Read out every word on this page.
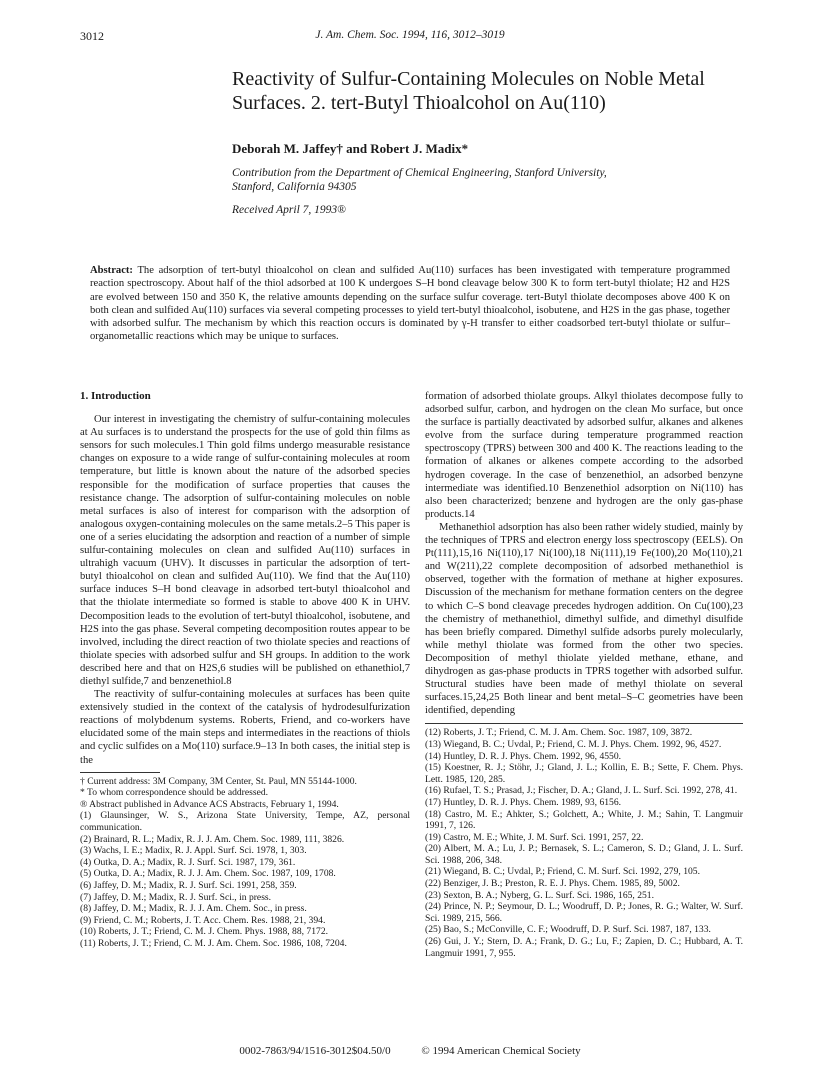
3012	J. Am. Chem. Soc. 1994, 116, 3012–3019
Reactivity of Sulfur-Containing Molecules on Noble Metal
Surfaces. 2. tert-Butyl Thioalcohol on Au(110)
Deborah M. Jaffey† and Robert J. Madix*
Contribution from the Department of Chemical Engineering, Stanford University,
Stanford, California 94305
Received April 7, 1993®
Abstract: The adsorption of tert-butyl thioalcohol on clean and sulfided Au(110) surfaces has been investigated with temperature programmed reaction spectroscopy. About half of the thiol adsorbed at 100 K undergoes S–H bond cleavage below 300 K to form tert-butyl thiolate; H2 and H2S are evolved between 150 and 350 K, the relative amounts depending on the surface sulfur coverage. tert-Butyl thiolate decomposes above 400 K on both clean and sulfided Au(110) surfaces via several competing processes to yield tert-butyl thioalcohol, isobutene, and H2S in the gas phase, together with adsorbed sulfur. The mechanism by which this reaction occurs is dominated by γ-H transfer to either coadsorbed tert-butyl thiolate or sulfur–organometallic reactions which may be unique to surfaces.
1. Introduction

Our interest in investigating the chemistry of sulfur-containing molecules at Au surfaces is to understand the prospects for the use of gold thin films as sensors for such molecules.1 Thin gold films undergo measurable resistance changes on exposure to a wide range of sulfur-containing molecules at room temperature, but little is known about the nature of the adsorbed species responsible for the modification of surface properties that causes the resistance change. The adsorption of sulfur-containing molecules on noble metal surfaces is also of interest for comparison with the adsorption of analogous oxygen-containing molecules on the same metals.2–5 This paper is one of a series elucidating the adsorption and reaction of a number of simple sulfur-containing molecules on clean and sulfided Au(110) surfaces in ultrahigh vacuum (UHV). It discusses in particular the adsorption of tert-butyl thioalcohol on clean and sulfided Au(110). We find that the Au(110) surface induces S–H bond cleavage in adsorbed tert-butyl thioalcohol and that the thiolate intermediate so formed is stable to above 400 K in UHV. Decomposition leads to the evolution of tert-butyl thioalcohol, isobutene, and H2S into the gas phase. Several competing decomposition routes appear to be involved, including the direct reaction of two thiolate species and reactions of thiolate species with adsorbed sulfur and SH groups. In addition to the work described here and that on H2S,6 studies will be published on ethanethiol,7 diethyl sulfide,7 and benzenethiol.8

The reactivity of sulfur-containing molecules at surfaces has been quite extensively studied in the context of the catalysis of hydrodesulfurization reactions of molybdenum systems. Roberts, Friend, and co-workers have elucidated some of the main steps and intermediates in the reactions of thiols and cyclic sulfides on a Mo(110) surface.9–13 In both cases, the initial step is the

† Current address: 3M Company, 3M Center, St. Paul, MN 55144-1000.
* To whom correspondence should be addressed.
® Abstract published in Advance ACS Abstracts, February 1, 1994.
(1) Glaunsinger, W. S., Arizona State University, Tempe, AZ, personal communication.
(2) Brainard, R. L.; Madix, R. J. J. Am. Chem. Soc. 1989, 111, 3826.
(3) Wachs, I. E.; Madix, R. J. Appl. Surf. Sci. 1978, 1, 303.
(4) Outka, D. A.; Madix, R. J. Surf. Sci. 1987, 179, 361.
(5) Outka, D. A.; Madix, R. J. J. Am. Chem. Soc. 1987, 109, 1708.
(6) Jaffey, D. M.; Madix, R. J. Surf. Sci. 1991, 258, 359.
(7) Jaffey, D. M.; Madix, R. J. Surf. Sci., in press.
(8) Jaffey, D. M.; Madix, R. J. J. Am. Chem. Soc., in press.
(9) Friend, C. M.; Roberts, J. T. Acc. Chem. Res. 1988, 21, 394.
(10) Roberts, J. T.; Friend, C. M. J. Chem. Phys. 1988, 88, 7172.
(11) Roberts, J. T.; Friend, C. M. J. Am. Chem. Soc. 1986, 108, 7204.

formation of adsorbed thiolate groups. Alkyl thiolates decompose fully to adsorbed sulfur, carbon, and hydrogen on the clean Mo surface, but once the surface is partially deactivated by adsorbed sulfur, alkanes and alkenes evolve from the surface during temperature programmed reaction spectroscopy (TPRS) between 300 and 400 K. The reactions leading to the formation of alkanes or alkenes compete according to the adsorbed hydrogen coverage. In the case of benzenethiol, an adsorbed benzyne intermediate was identified.10 Benzenethiol adsorption on Ni(110) has also been characterized; benzene and hydrogen are the only gas-phase products.14

Methanethiol adsorption has also been rather widely studied, mainly by the techniques of TPRS and electron energy loss spectroscopy (EELS). On Pt(111),15,16 Ni(110),17 Ni(100),18 Ni(111),19 Fe(100),20 Mo(110),21 and W(211),22 complete decomposition of adsorbed methanethiol is observed, together with the formation of methane at higher exposures. Discussion of the mechanism for methane formation centers on the degree to which C–S bond cleavage precedes hydrogen addition. On Cu(100),23 the chemistry of methanethiol, dimethyl sulfide, and dimethyl disulfide has been briefly compared. Dimethyl sulfide adsorbs purely molecularly, while methyl thiolate was formed from the other two species. Decomposition of methyl thiolate yielded methane, ethane, and dihydrogen as gas-phase products in TPRS together with adsorbed sulfur. Structural studies have been made of methyl thiolate on several surfaces.15,24,25 Both linear and bent metal–S–C geometries have been identified, depending

(12) Roberts, J. T.; Friend, C. M. J. Am. Chem. Soc. 1987, 109, 3872.
(13) Wiegand, B. C.; Uvdal, P.; Friend, C. M. J. Phys. Chem. 1992, 96, 4527.
(14) Huntley, D. R. J. Phys. Chem. 1992, 96, 4550.
(15) Koestner, R. J.; Stöhr, J.; Gland, J. L.; Kollin, E. B.; Sette, F. Chem. Phys. Lett. 1985, 120, 285.
(16) Rufael, T. S.; Prasad, J.; Fischer, D. A.; Gland, J. L. Surf. Sci. 1992, 278, 41.
(17) Huntley, D. R. J. Phys. Chem. 1989, 93, 6156.
(18) Castro, M. E.; Ahkter, S.; Golchett, A.; White, J. M.; Sahin, T. Langmuir 1991, 7, 126.
(19) Castro, M. E.; White, J. M. Surf. Sci. 1991, 257, 22.
(20) Albert, M. A.; Lu, J. P.; Bernasek, S. L.; Cameron, S. D.; Gland, J. L. Surf. Sci. 1988, 206, 348.
(21) Wiegand, B. C.; Uvdal, P.; Friend, C. M. Surf. Sci. 1992, 279, 105.
(22) Benziger, J. B.; Preston, R. E. J. Phys. Chem. 1985, 89, 5002.
(23) Sexton, B. A.; Nyberg, G. L. Surf. Sci. 1986, 165, 251.
(24) Prince, N. P.; Seymour, D. L.; Woodruff, D. P.; Jones, R. G.; Walter, W. Surf. Sci. 1989, 215, 566.
(25) Bao, S.; McConville, C. F.; Woodruff, D. P. Surf. Sci. 1987, 187, 133.
(26) Gui, J. Y.; Stern, D. A.; Frank, D. G.; Lu, F.; Zapien, D. C.; Hubbard, A. T. Langmuir 1991, 7, 955.
0002-7863/94/1516-3012$04.50/0	© 1994 American Chemical Society
